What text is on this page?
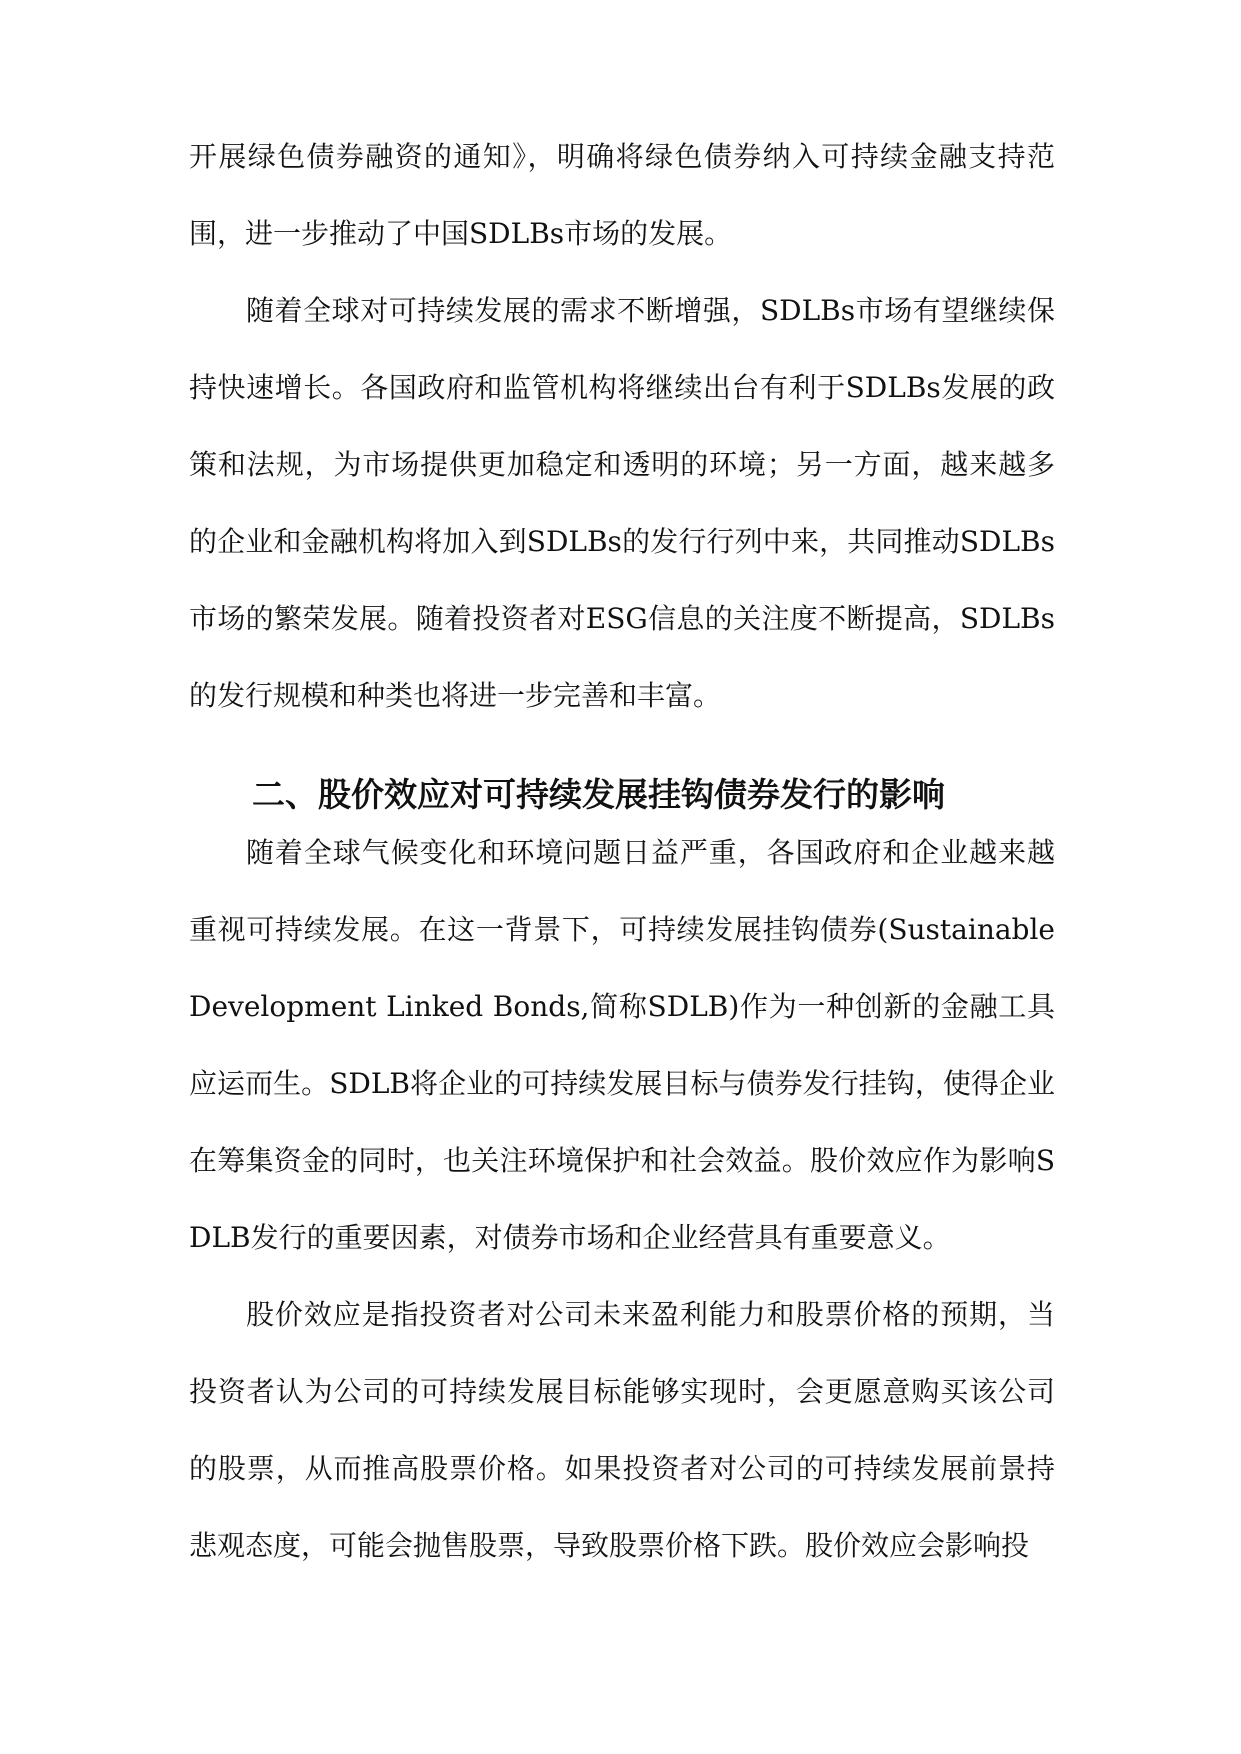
开展绿色债券融资的通知》，明确将绿色债券纳入可持续金融支持范围，进一步推动了中国SDLBs市场的发展。

随着全球对可持续发展的需求不断增强，SDLBs市场有望继续保持快速增长。各国政府和监管机构将继续出台有利于SDLBs发展的政策和法规，为市场提供更加稳定和透明的环境；另一方面，越来越多的企业和金融机构将加入到SDLBs的发行行列中来，共同推动SDLBs市场的繁荣发展。随着投资者对ESG信息的关注度不断提高，SDLBs的发行规模和种类也将进一步完善和丰富。

二、股价效应对可持续发展挂钩债券发行的影响

随着全球气候变化和环境问题日益严重，各国政府和企业越来越重视可持续发展。在这一背景下，可持续发展挂钩债券(Sustainable Development Linked Bonds,简称SDLB)作为一种创新的金融工具应运而生。SDLB将企业的可持续发展目标与债券发行挂钩，使得企业在筹集资金的同时，也关注环境保护和社会效益。股价效应作为影响SDLB发行的重要因素，对债券市场和企业经营具有重要意义。

股价效应是指投资者对公司未来盈利能力和股票价格的预期，当投资者认为公司的可持续发展目标能够实现时，会更愿意购买该公司的股票，从而推高股票价格。如果投资者对公司的可持续发展前景持悲观态度，可能会抛售股票，导致股票价格下跌。股价效应会影响投
